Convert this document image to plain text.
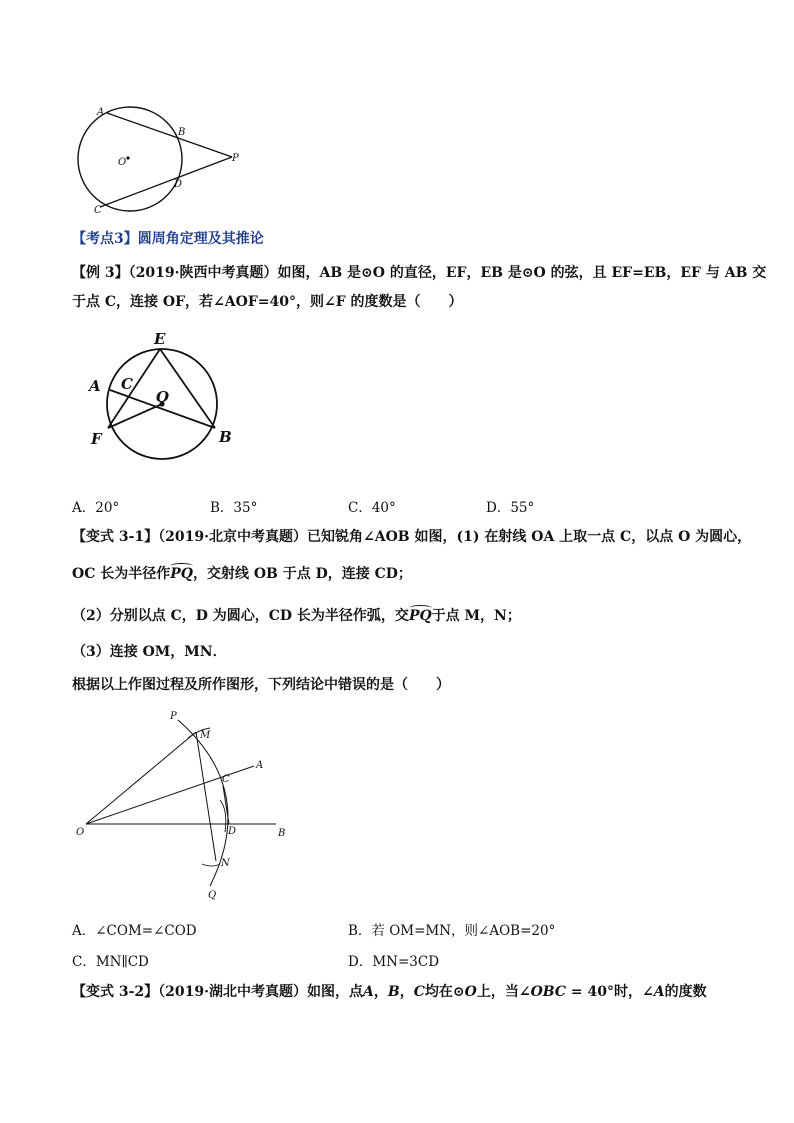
A
B
O	P
D
C
【考点3】圆周角定理及其推论
【例 3】（2019·陕西中考真题）如图，AB 是⊙O 的直径，EF，EB 是⊙O 的弦，且 EF=EB，EF 与 AB 交
于点 C，连接 OF，若∠AOF=40°，则∠F 的度数是（　　）
E
A C
O
F	B
A．20°	B．35°	C．40°	D．55°
【变式 3-1】（2019·北京中考真题）已知锐角∠AOB 如图，(1) 在射线 OA 上取一点 C，以点 O 为圆心，
OC 长为半径作PQ，交射线 OB 于点 D，连接 CD；
（2）分别以点 C，D 为圆心，CD 长为半径作弧，交PQ于点 M，N；
（3）连接 OM，MN．
根据以上作图过程及所作图形，下列结论中错误的是（　　）
P
M
A
C
O	D	B
N
Q
A．∠COM=∠COD	B．若 OM=MN，则∠AOB=20°
C．MN∥CD	D．MN=3CD
【变式 3-2】（2019·湖北中考真题）如图，点A，B，C均在⊙O上，当∠OBC = 40°时，∠A的度数
